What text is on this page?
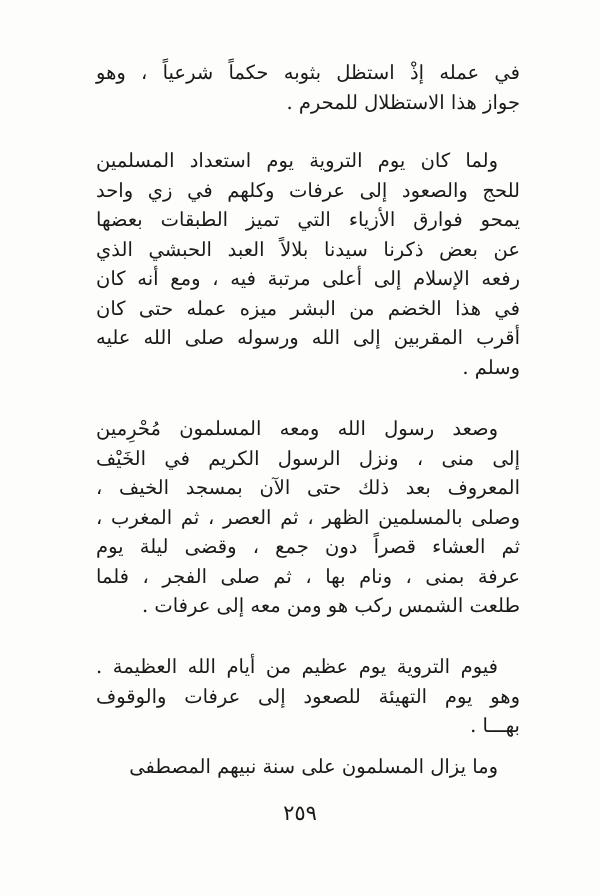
في عمله إذْ استظل بثوبه حكماً شرعياً ، وهو
جواز هذا الاستظلال للمحرم .
ولما كان يوم التروية يوم استعداد المسلمين
للحج والصعود إلى عرفات وكلهم في زي واحد
يمحو فوارق الأزياء التي تميز الطبقات بعضها
عن بعض ذكرنا سيدنا بلالاً العبد الحبشي الذي
رفعه الإسلام إلى أعلى مرتبة فيه ، ومع أنه كان
في هذا الخضم من البشر ميزه عمله حتى كان
أقرب المقربين إلى الله ورسوله صلى الله عليه
وسلم .
وصعد رسول الله ومعه المسلمون مُحْرِمين
إلى منى ، ونزل الرسول الكريم في الخَيْف
المعروف بعد ذلك حتى الآن بمسجد الخيف ،
وصلى بالمسلمين الظهر ، ثم العصر ، ثم المغرب ،
ثم العشاء قصراً دون جمع ، وقضى ليلة يوم
عرفة بمنى ، ونام بها ، ثم صلى الفجر ، فلما
طلعت الشمس ركب هو ومن معه إلى عرفات .
فيوم التروية يوم عظيم من أيام الله العظيمة .
وهو يوم التهيئة للصعود إلى عرفات والوقوف
بهـــا .
وما يزال المسلمون على سنة نبيهم المصطفى
٢٥٩
